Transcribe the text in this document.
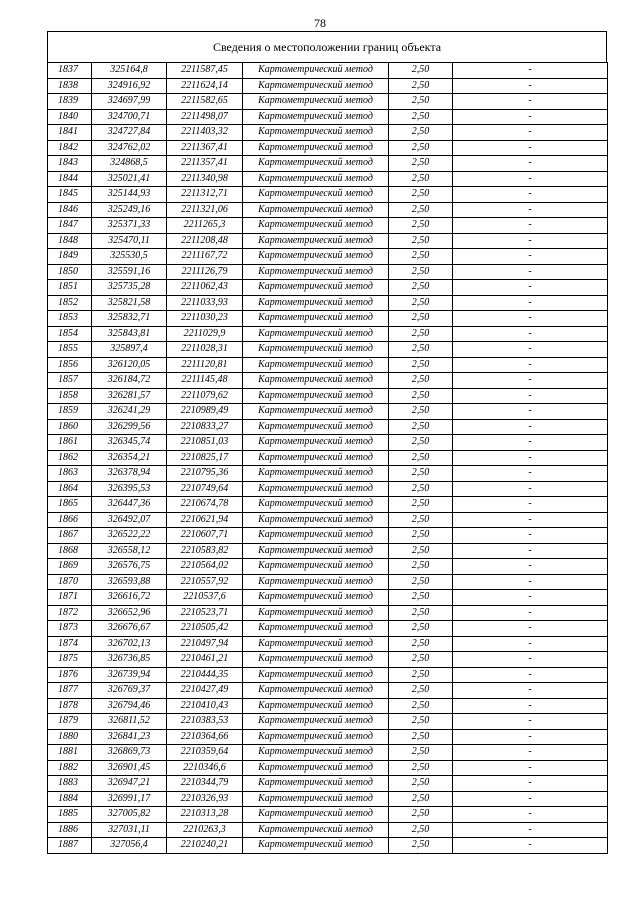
78
Сведения о местоположении границ объекта
1837	325164,8	2211587,45	Картометрический метод	2,50	-
1838	324916,92	2211624,14	Картометрический метод	2,50	-
1839	324697,99	2211582,65	Картометрический метод	2,50	-
1840	324700,71	2211498,07	Картометрический метод	2,50	-
1841	324727,84	2211403,32	Картометрический метод	2,50	-
1842	324762,02	2211367,41	Картометрический метод	2,50	-
1843	324868,5	2211357,41	Картометрический метод	2,50	-
1844	325021,41	2211340,98	Картометрический метод	2,50	-
1845	325144,93	2211312,71	Картометрический метод	2,50	-
1846	325249,16	2211321,06	Картометрический метод	2,50	-
1847	325371,33	2211265,3	Картометрический метод	2,50	-
1848	325470,11	2211208,48	Картометрический метод	2,50	-
1849	325530,5	2211167,72	Картометрический метод	2,50	-
1850	325591,16	2211126,79	Картометрический метод	2,50	-
1851	325735,28	2211062,43	Картометрический метод	2,50	-
1852	325821,58	2211033,93	Картометрический метод	2,50	-
1853	325832,71	2211030,23	Картометрический метод	2,50	-
1854	325843,81	2211029,9	Картометрический метод	2,50	-
1855	325897,4	2211028,31	Картометрический метод	2,50	-
1856	326120,05	2211120,81	Картометрический метод	2,50	-
1857	326184,72	2211145,48	Картометрический метод	2,50	-
1858	326281,57	2211079,62	Картометрический метод	2,50	-
1859	326241,29	2210989,49	Картометрический метод	2,50	-
1860	326299,56	2210833,27	Картометрический метод	2,50	-
1861	326345,74	2210851,03	Картометрический метод	2,50	-
1862	326354,21	2210825,17	Картометрический метод	2,50	-
1863	326378,94	2210795,36	Картометрический метод	2,50	-
1864	326395,53	2210749,64	Картометрический метод	2,50	-
1865	326447,36	2210674,78	Картометрический метод	2,50	-
1866	326492,07	2210621,94	Картометрический метод	2,50	-
1867	326522,22	2210607,71	Картометрический метод	2,50	-
1868	326558,12	2210583,82	Картометрический метод	2,50	-
1869	326576,75	2210564,02	Картометрический метод	2,50	-
1870	326593,88	2210557,92	Картометрический метод	2,50	-
1871	326616,72	2210537,6	Картометрический метод	2,50	-
1872	326652,96	2210523,71	Картометрический метод	2,50	-
1873	326676,67	2210505,42	Картометрический метод	2,50	-
1874	326702,13	2210497,94	Картометрический метод	2,50	-
1875	326736,85	2210461,21	Картометрический метод	2,50	-
1876	326739,94	2210444,35	Картометрический метод	2,50	-
1877	326769,37	2210427,49	Картометрический метод	2,50	-
1878	326794,46	2210410,43	Картометрический метод	2,50	-
1879	326811,52	2210383,53	Картометрический метод	2,50	-
1880	326841,23	2210364,66	Картометрический метод	2,50	-
1881	326869,73	2210359,64	Картометрический метод	2,50	-
1882	326901,45	2210346,6	Картометрический метод	2,50	-
1883	326947,21	2210344,79	Картометрический метод	2,50	-
1884	326991,17	2210326,93	Картометрический метод	2,50	-
1885	327005,82	2210313,28	Картометрический метод	2,50	-
1886	327031,11	2210263,3	Картометрический метод	2,50	-
1887	327056,4	2210240,21	Картометрический метод	2,50	-
